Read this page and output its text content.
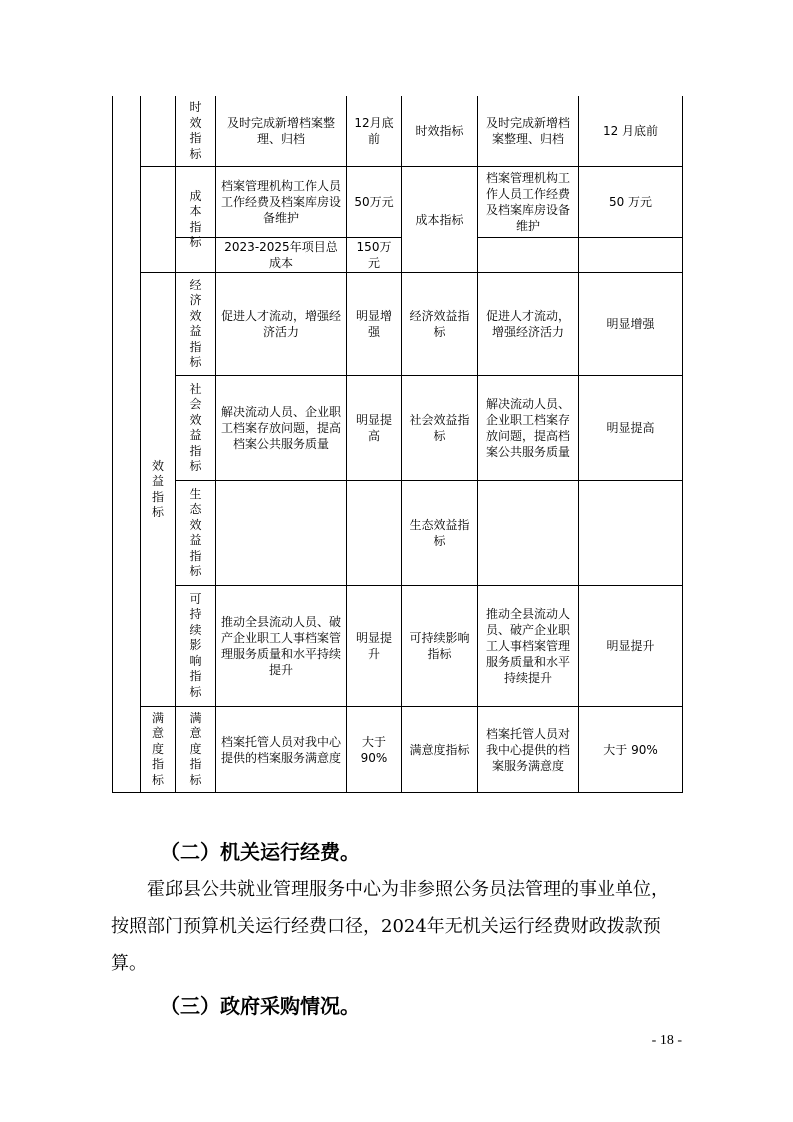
时
效
指
标
及时完成新增档案整理、归档
12月底前
时效指标
及时完成新增档案整理、归档
12 月底前
成
本
指
标
档案管理机构工作人员工作经费及档案库房设备维护
50万元
2023-2025年项目总成本
150万元
成本指标
档案管理机构工作人员工作经费及档案库房设备维护
50 万元
效
益
指
标
经
济
效
益
指
标
促进人才流动，增强经济活力
明显增强
经济效益指标
促进人才流动，增强经济活力
明显增强
社
会
效
益
指
标
解决流动人员、企业职工档案存放问题，提高档案公共服务质量
明显提高
社会效益指标
解决流动人员、企业职工档案存放问题，提高档案公共服务质量
明显提高
生
态
效
益
指
标
生态效益指标
可
持
续
影
响
指
标
推动全县流动人员、破产企业职工人事档案管理服务质量和水平持续提升
明显提升
可持续影响指标
推动全县流动人员、破产企业职工人事档案管理服务质量和水平持续提升
明显提升
满
意
度
指
标
满
意
度
指
标
档案托管人员对我中心提供的档案服务满意度
大于90%
满意度指标
档案托管人员对我中心提供的档案服务满意度
大于 90%
（二）机关运行经费。

霍邱县公共就业管理服务中心为非参照公务员法管理的事业单位，按照部门预算机关运行经费口径，2024年无机关运行经费财政拨款预算。

（三）政府采购情况。
- 18 -
